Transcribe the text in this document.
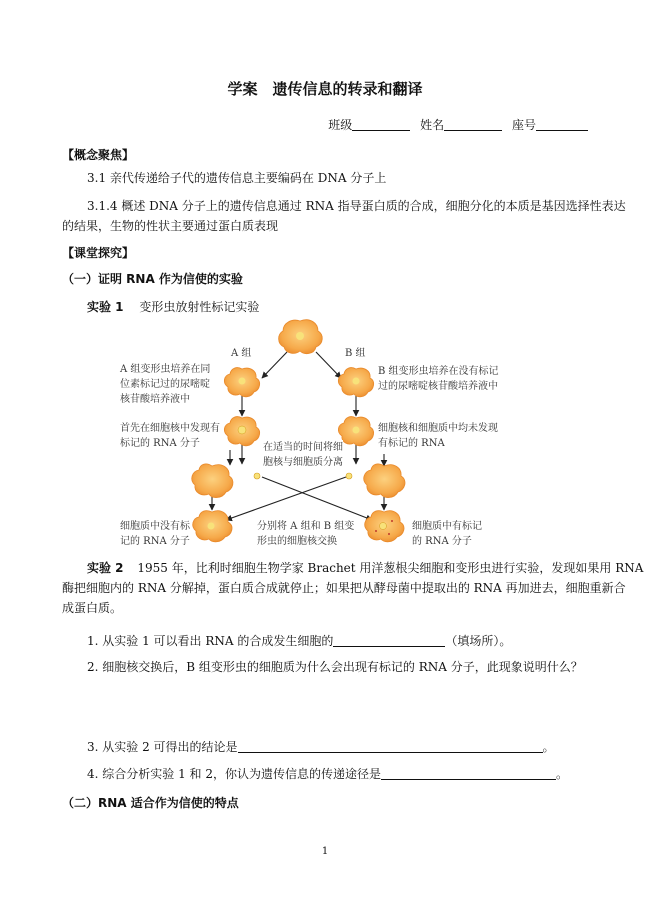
学案　遗传信息的转录和翻译
班级	姓名	座号
【概念聚焦】
3.1 亲代传递给子代的遗传信息主要编码在 DNA 分子上
3.1.4 概述 DNA 分子上的遗传信息通过 RNA 指导蛋白质的合成，细胞分化的本质是基因选择性表达
的结果，生物的性状主要通过蛋白质表现
【课堂探究】
（一）证明 RNA 作为信使的实验
实验 1 变形虫放射性标记实验
A 组	B 组
A 组变形虫培养在同
位素标记过的尿嘧啶
核苷酸培养液中
B 组变形虫培养在没有标记
过的尿嘧啶核苷酸培养液中
首先在细胞核中发现有
标记的 RNA 分子
细胞核和细胞质中均未发现
有标记的 RNA
在适当的时间将细
胞核与细胞质分离
细胞质中没有标
记的 RNA 分子
分别将 A 组和 B 组变
形虫的细胞核交换
细胞质中有标记
的 RNA 分子
实验 2 1955 年，比利时细胞生物学家 Brachet 用洋葱根尖细胞和变形虫进行实验，发现如果用 RNA
酶把细胞内的 RNA 分解掉，蛋白质合成就停止；如果把从酵母菌中提取出的 RNA 再加进去，细胞重新合
成蛋白质。
1. 从实验 1 可以看出 RNA 的合成发生细胞的	（填场所）。
2. 细胞核交换后，B 组变形虫的细胞质为什么会出现有标记的 RNA 分子，此现象说明什么？
3. 从实验 2 可得出的结论是	。
4. 综合分析实验 1 和 2，你认为遗传信息的传递途径是	。
（二）RNA 适合作为信使的特点
1
